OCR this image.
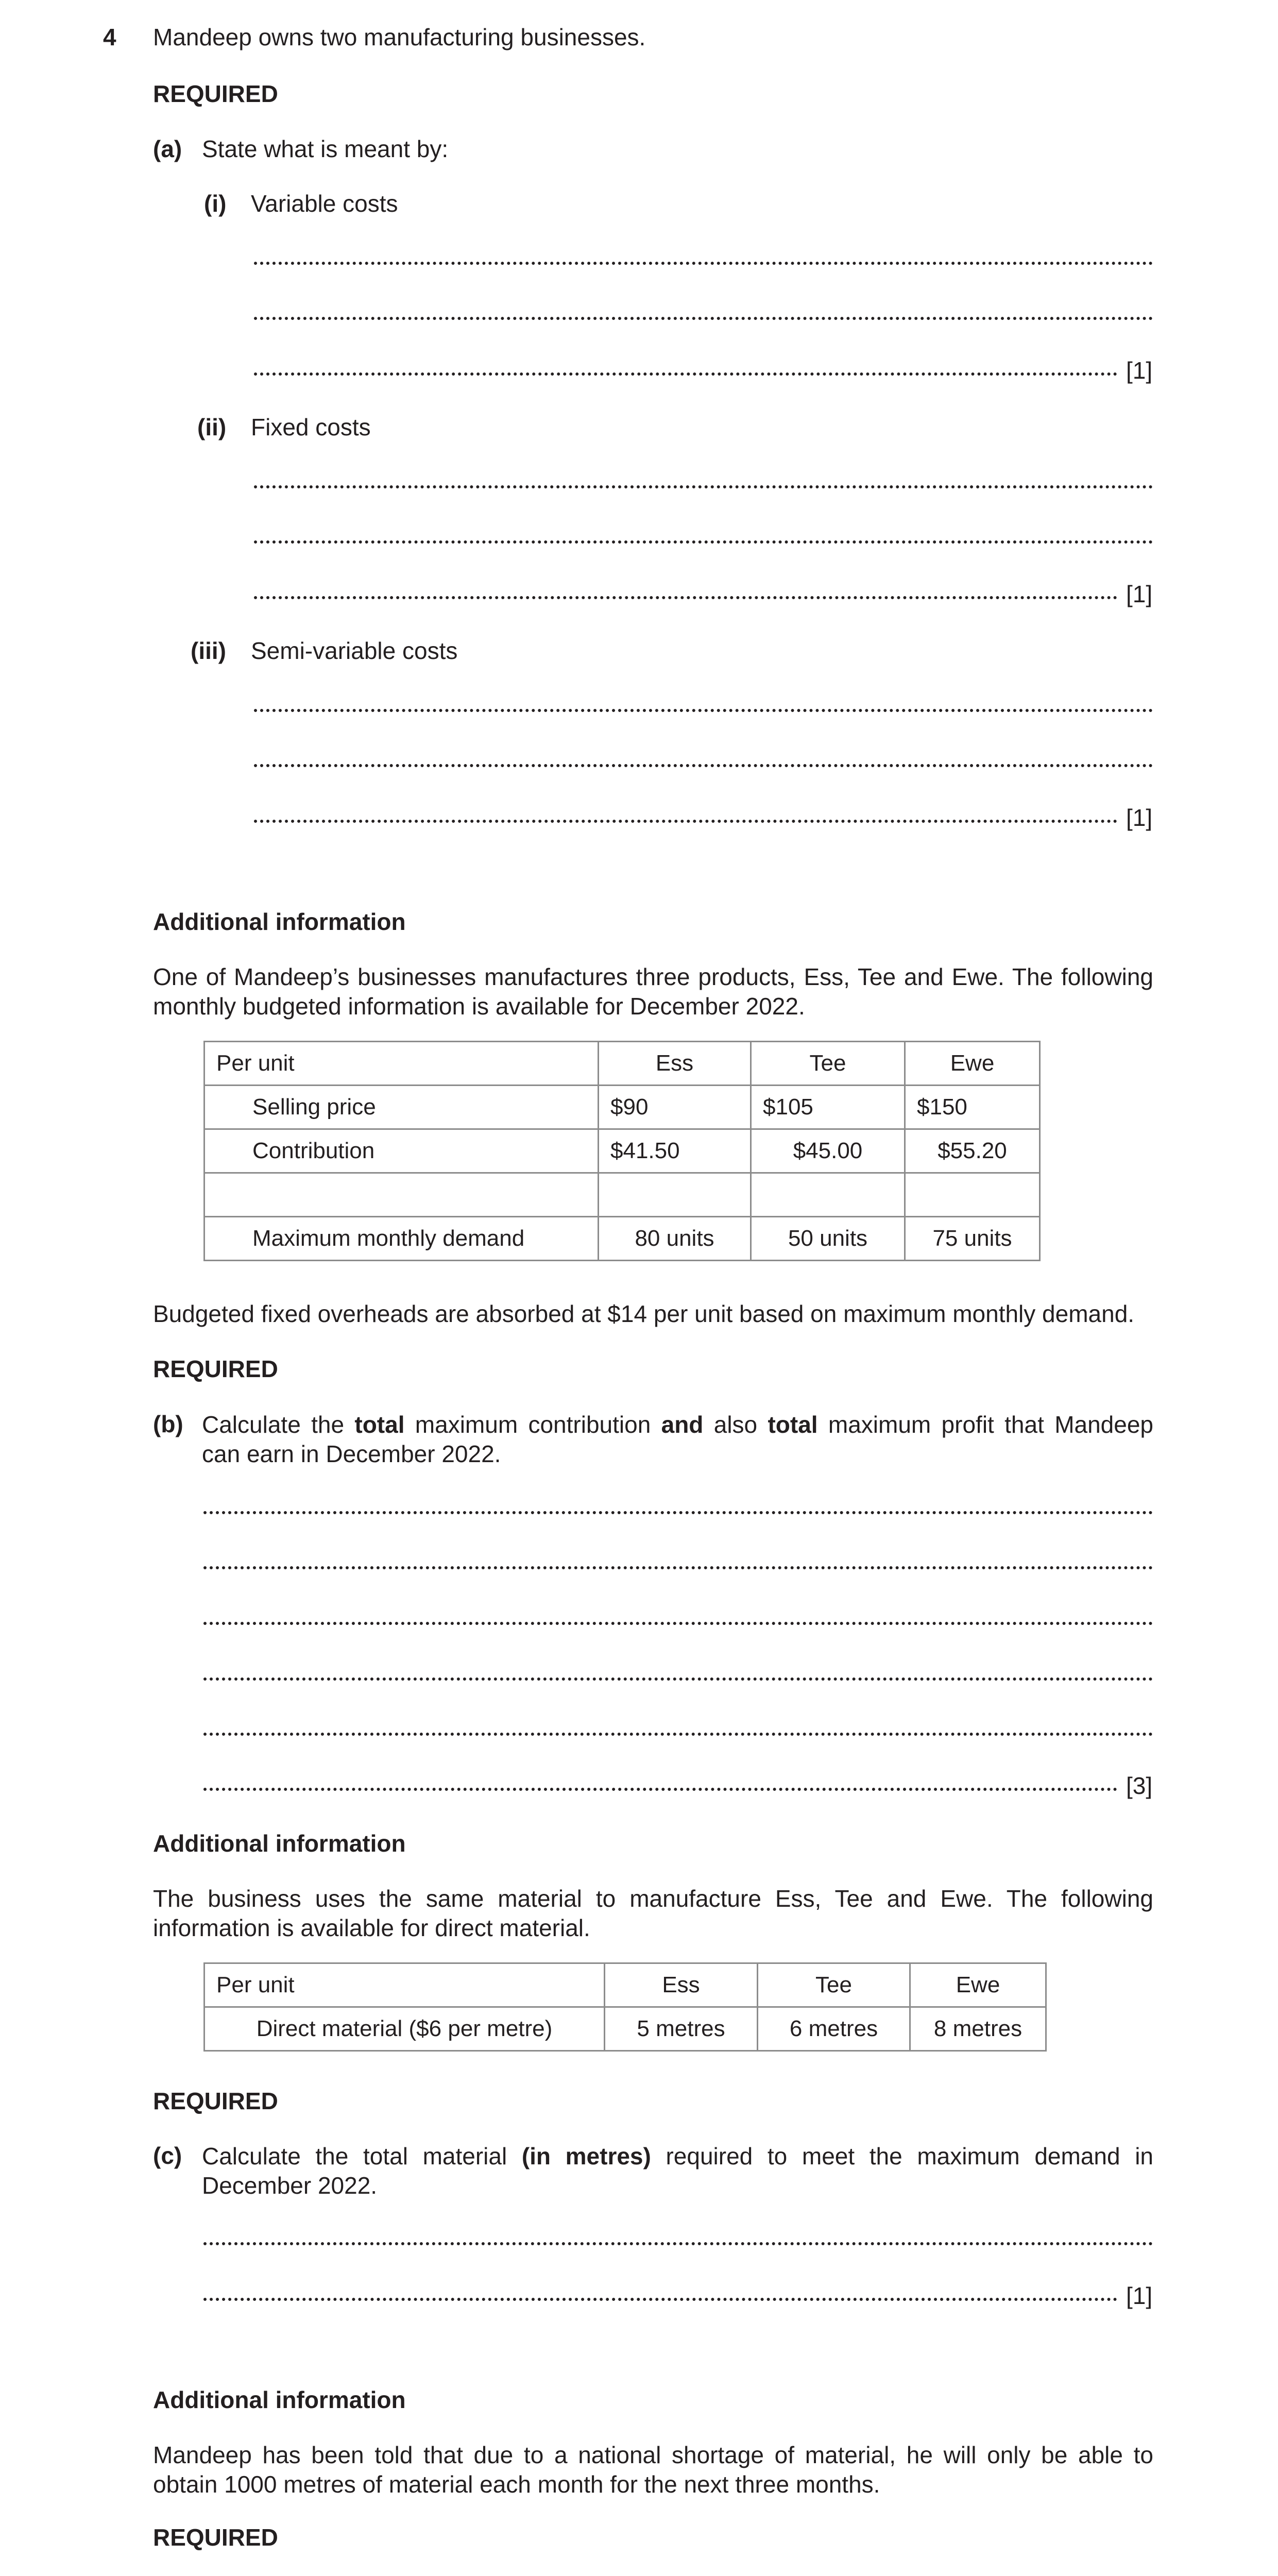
4 Mandeep owns two manufacturing businesses.
REQUIRED
(a) State what is meant by:
(i) Variable costs
[1]
(ii) Fixed costs
[1]
(iii) Semi-variable costs
[1]
Additional information
One of Mandeep’s businesses manufactures three products, Ess, Tee and Ewe. The following monthly budgeted information is available for December 2022.
Per unit	Ess	Tee	Ewe
Selling price	$90	$105	$150
Contribution	$41.50	$45.00	$55.20

Maximum monthly demand	80 units	50 units	75 units
Budgeted fixed overheads are absorbed at $14 per unit based on maximum monthly demand.
REQUIRED
(b) Calculate the total maximum contribution and also total maximum profit that Mandeep can earn in December 2022.
[3]
Additional information
The business uses the same material to manufacture Ess, Tee and Ewe. The following information is available for direct material.
Per unit	Ess	Tee	Ewe
Direct material ($6 per metre)	5 metres	6 metres	8 metres
REQUIRED
(c) Calculate the total material (in metres) required to meet the maximum demand in December 2022.
[1]
Additional information
Mandeep has been told that due to a national shortage of material, he will only be able to obtain 1000 metres of material each month for the next three months.
REQUIRED
